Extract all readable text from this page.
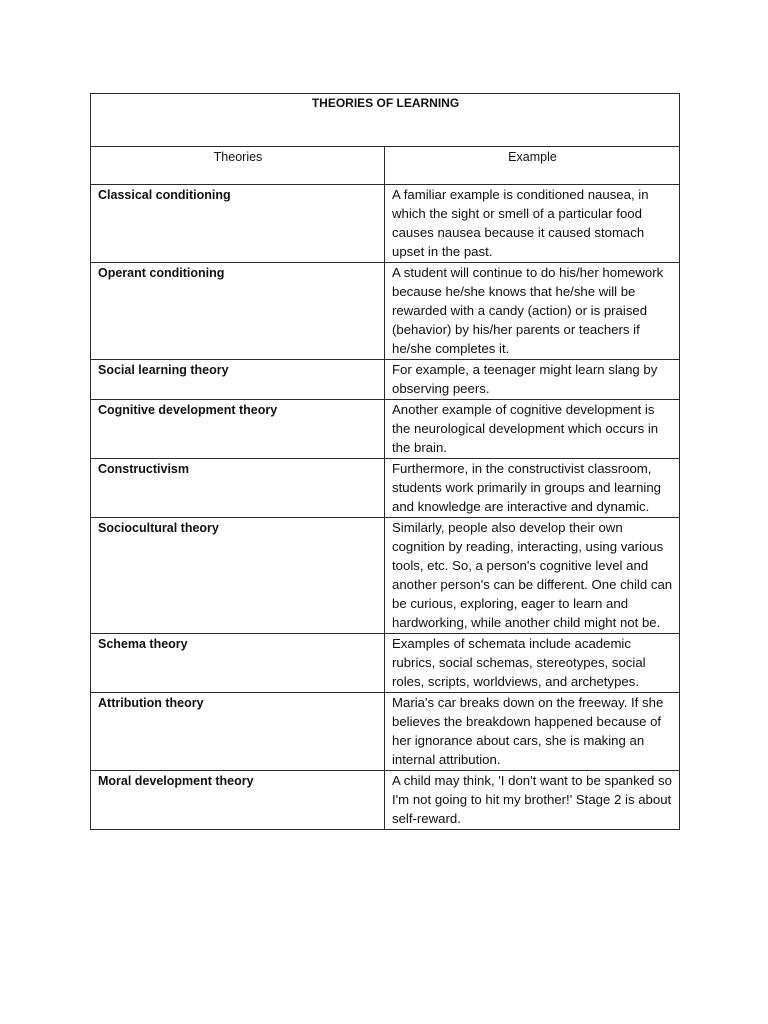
THEORIES OF LEARNING	
Theories	Example
Classical conditioning	A familiar example is conditioned nausea, in which the sight or smell of a particular food causes nausea because it caused stomach upset in the past.
Operant conditioning	A student will continue to do his/her homework because he/she knows that he/she will be rewarded with a candy (action) or is praised (behavior) by his/her parents or teachers if he/she completes it.
Social learning theory	For example, a teenager might learn slang by observing peers.
Cognitive development theory	Another example of cognitive development is the neurological development which occurs in the brain.
Constructivism	Furthermore, in the constructivist classroom, students work primarily in groups and learning and knowledge are interactive and dynamic.
Sociocultural theory	Similarly, people also develop their own cognition by reading, interacting, using various tools, etc. So, a person's cognitive level and another person's can be different. One child can be curious, exploring, eager to learn and hardworking, while another child might not be.
Schema theory	Examples of schemata include academic rubrics, social schemas, stereotypes, social roles, scripts, worldviews, and archetypes.
Attribution theory	Maria's car breaks down on the freeway. If she believes the breakdown happened because of her ignorance about cars, she is making an internal attribution.
Moral development theory	A child may think, 'I don't want to be spanked so I'm not going to hit my brother!' Stage 2 is about self-reward.
